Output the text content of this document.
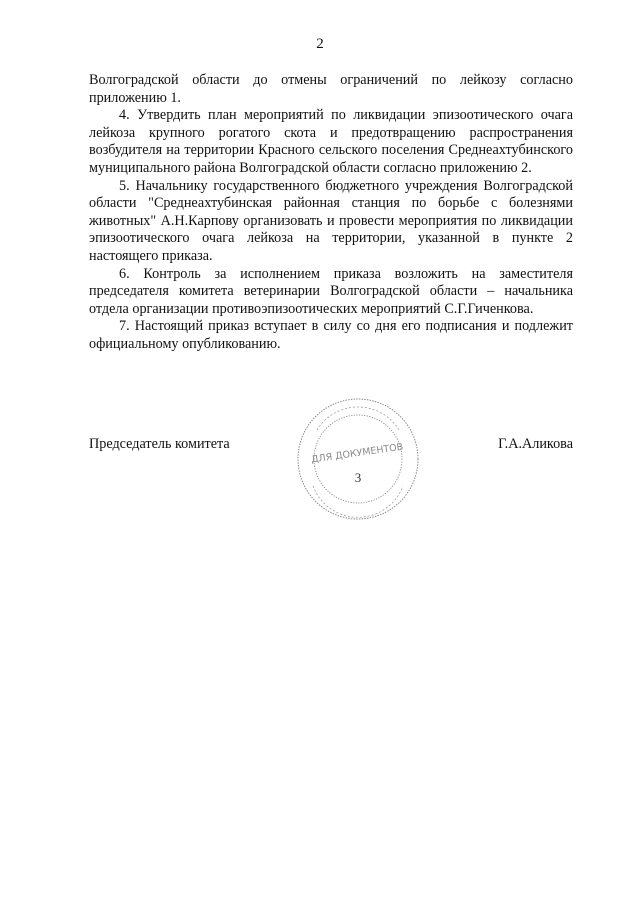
2

Волгоградской области до отмены ограничений по лейкозу согласно приложению 1.

4. Утвердить план мероприятий по ликвидации эпизоотического очага лейкоза крупного рогатого скота и предотвращению распространения возбудителя на территории Красного сельского поселения Среднеахтубинского муниципального района Волгоградской области согласно приложению 2.

5. Начальнику государственного бюджетного учреждения Волгоградской области "Среднеахтубинская районная станция по борьбе с болезнями животных" А.Н.Карпову организовать и провести мероприятия по ликвидации эпизоотического очага лейкоза на территории, указанной в пункте 2 настоящего приказа.

6. Контроль за исполнением приказа возложить на заместителя председателя комитета ветеринарии Волгоградской области – начальника отдела организации противоэпизоотических мероприятий С.Г.Гиченкова.

7. Настоящий приказ вступает в силу со дня его подписания и подлежит официальному опубликованию.

ДЛЯ ДОКУМЕНТОВ
3
Председатель комитета	Г.А.Аликова
